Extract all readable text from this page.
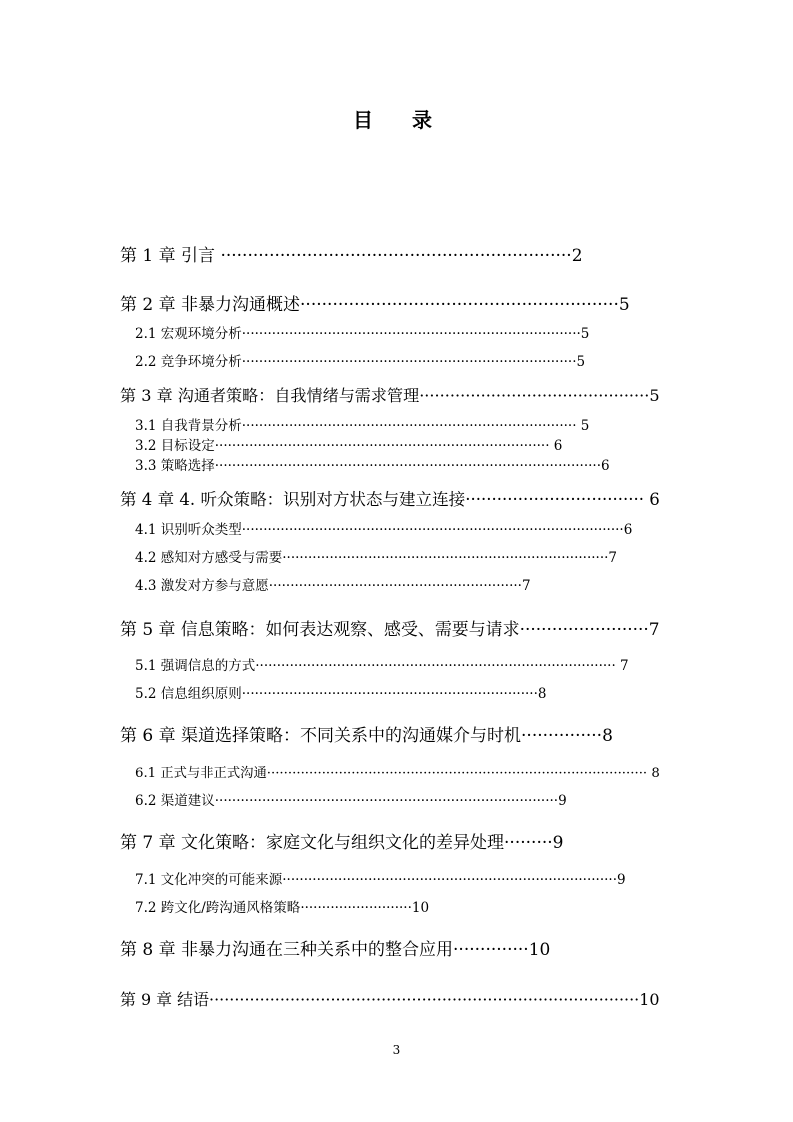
目 录
第 1 章 引言 ·································································2
第 2 章 非暴力沟通概述···························································5
2.1 宏观环境分析···············································································5
2.2 竞争环境分析··············································································5
第 3 章 沟通者策略：自我情绪与需求管理·············································5
3.1 自我背景分析·············································································· 5
3.2 目标设定·············································································· 6
3.3 策略选择··························································································6
第 4 章 4. 听众策略：识别对方状态与建立连接·································· 6
4.1 识别听众类型·························································································6
4.2 感知对方感受与需要············································································7
4.3 激发对方参与意愿···························································7
第 5 章 信息策略：如何表达观察、感受、需要与请求························7
5.1 强调信息的方式···················································································· 7
5.2 信息组织原则·····································································8
第 6 章 渠道选择策略：不同关系中的沟通媒介与时机···············8
6.1 正式与非正式沟通·························································································· 8
6.2 渠道建议················································································9
第 7 章 文化策略：家庭文化与组织文化的差异处理·········9
7.1 文化冲突的可能来源··············································································9
7.2 跨文化/跨沟通风格策略··························10
第 8 章 非暴力沟通在三种关系中的整合应用··············10
第 9 章 结语·····················································································10
3
